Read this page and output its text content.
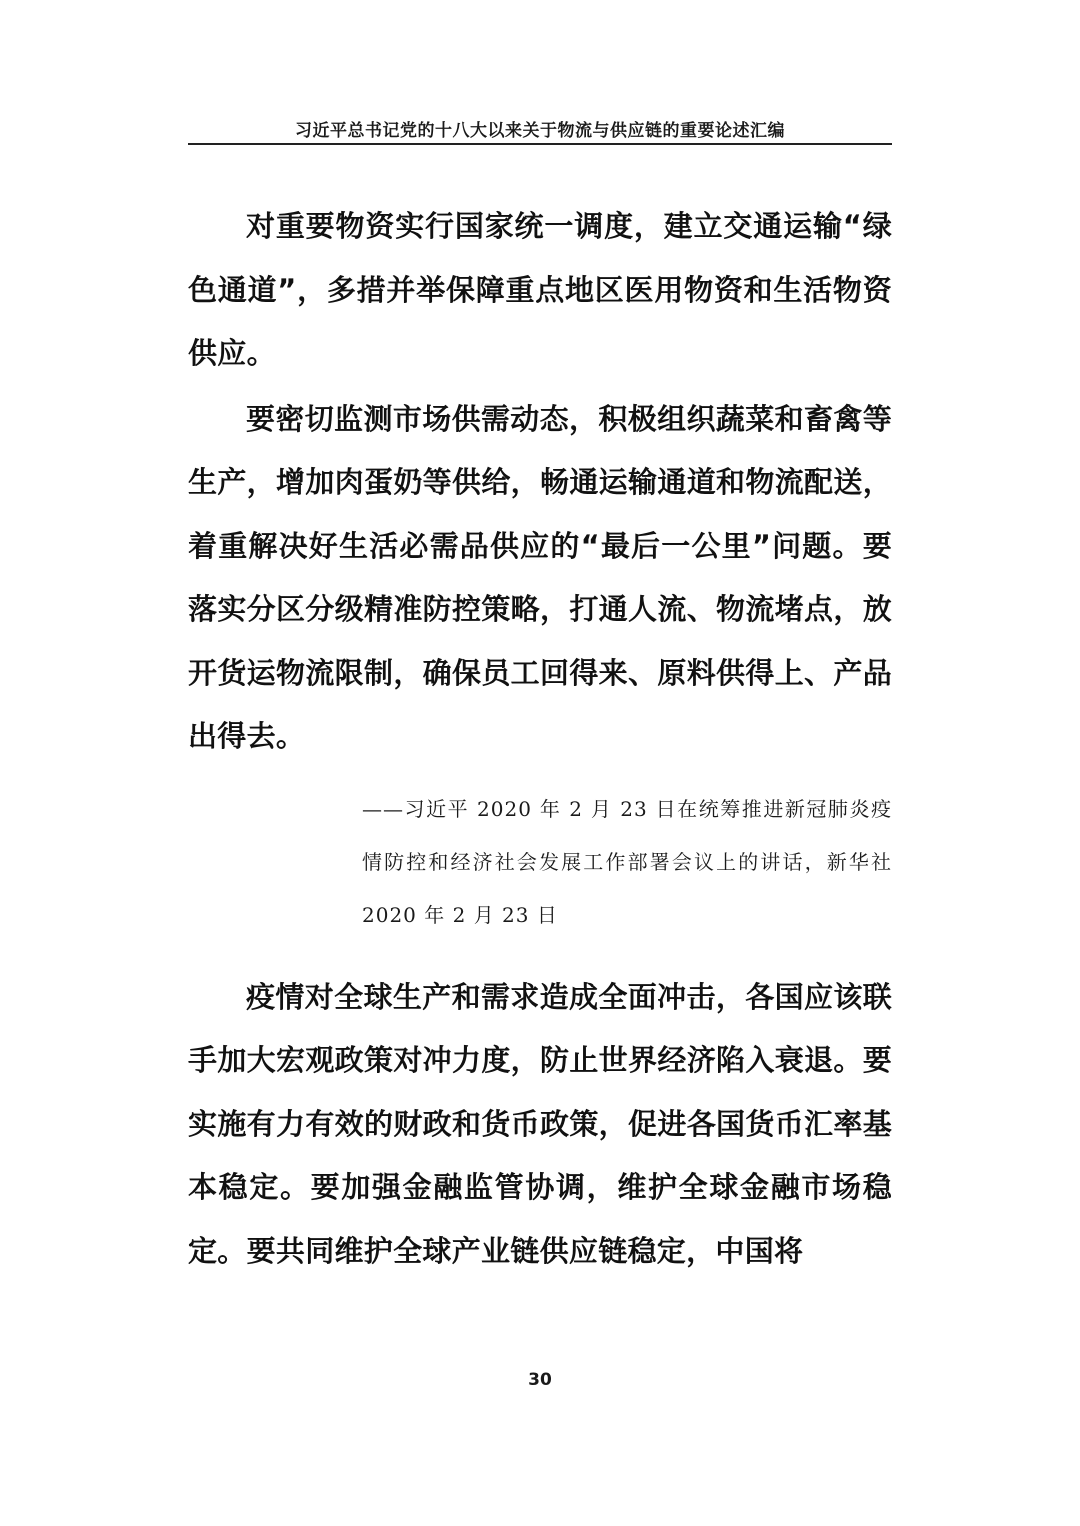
习近平总书记党的十八大以来关于物流与供应链的重要论述汇编

对重要物资实行国家统一调度，建立交通运输“绿色通道”，多措并举保障重点地区医用物资和生活物资供应。

要密切监测市场供需动态，积极组织蔬菜和畜禽等生产，增加肉蛋奶等供给，畅通运输通道和物流配送，着重解决好生活必需品供应的“最后一公里”问题。要落实分区分级精准防控策略，打通人流、物流堵点，放开货运物流限制，确保员工回得来、原料供得上、产品出得去。

——习近平 2020 年 2 月 23 日在统筹推进新冠肺炎疫情防控和经济社会发展工作部署会议上的讲话，新华社 2020 年 2 月 23 日

疫情对全球生产和需求造成全面冲击，各国应该联手加大宏观政策对冲力度，防止世界经济陷入衰退。要实施有力有效的财政和货币政策，促进各国货币汇率基本稳定。要加强金融监管协调，维护全球金融市场稳定。要共同维护全球产业链供应链稳定，中国将

30
